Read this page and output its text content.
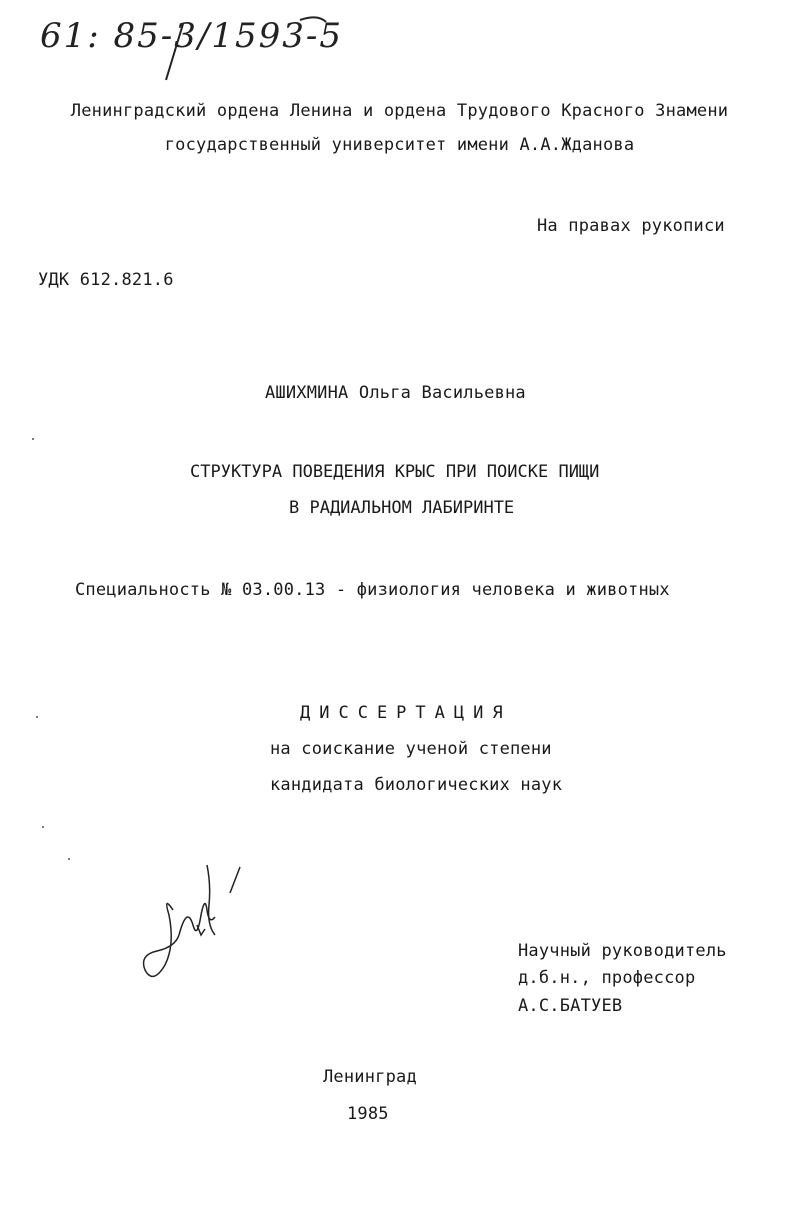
61: 85-3/1593-5
Ленинградский ордена Ленина и ордена Трудового Красного Знамени
государственный университет имени А.А.Жданова
На правах рукописи
УДК 612.821.6
АШИХМИНА Ольга Васильевна
СТРУКТУРА ПОВЕДЕНИЯ КРЫС ПРИ ПОИСКЕ ПИЩИ
В РАДИАЛЬНОМ ЛАБИРИНТЕ
Специальность № 03.00.13 - физиология человека и животных
ДИССЕРТАЦИЯ
на соискание ученой степени
кандидата биологических наук
Научный руководитель
д.б.н., профессор
А.С.БАТУЕВ
Ленинград
1985
